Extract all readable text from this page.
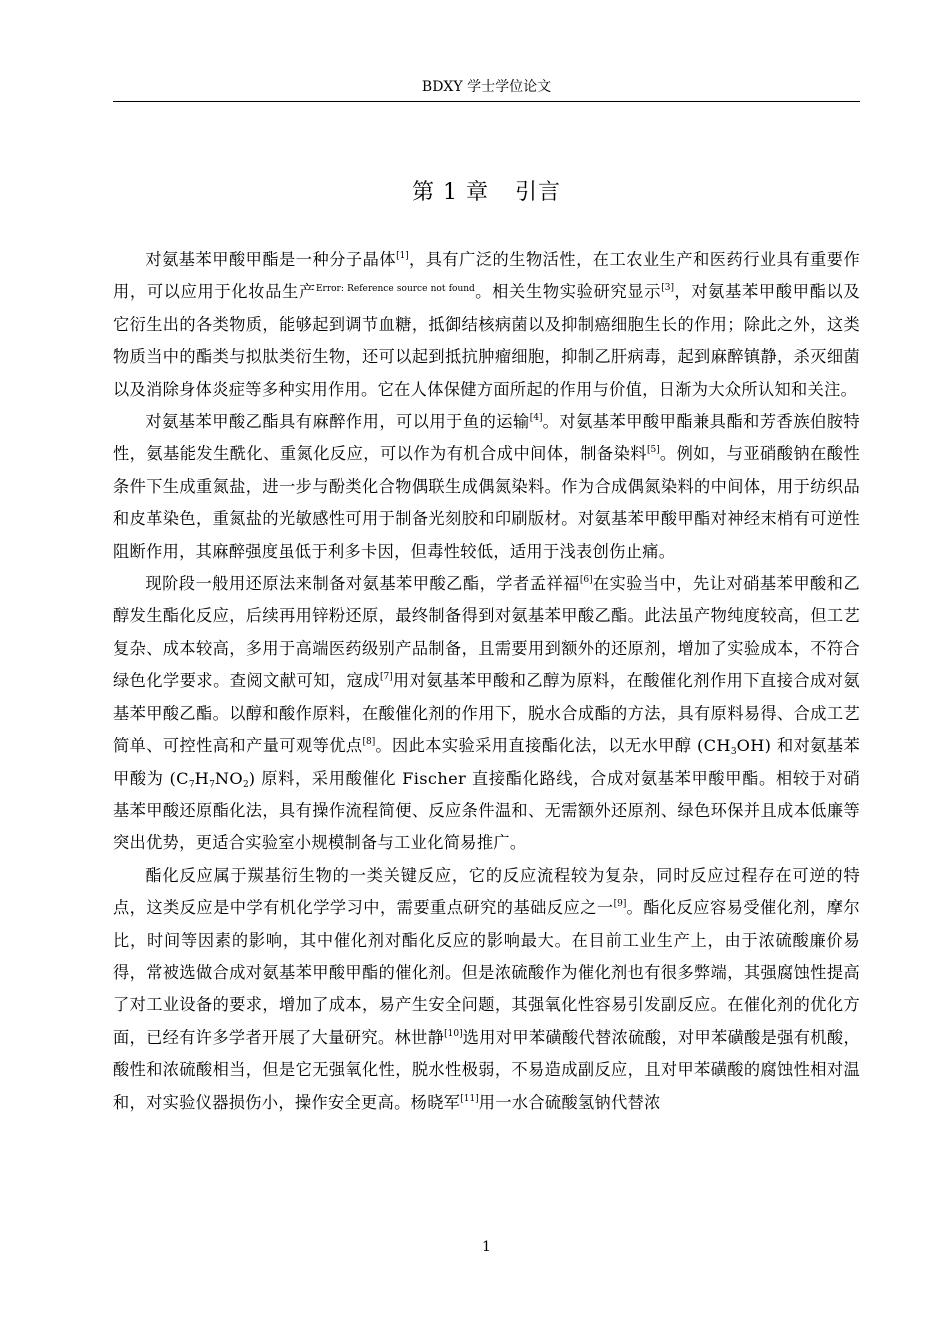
BDXY 学士学位论文
第 1 章 引言

对氨基苯甲酸甲酯是一种分子晶体[1]，具有广泛的生物活性，在工农业生产和医药行业具有重要作用，可以应用于化妆品生产$^{Error: Reference source not found}$。相关生物实验研究显示[3]，对氨基苯甲酸甲酯以及它衍生出的各类物质，能够起到调节血糖，抵御结核病菌以及抑制癌细胞生长的作用；除此之外，这类物质当中的酯类与拟肽类衍生物，还可以起到抵抗肿瘤细胞，抑制乙肝病毒，起到麻醉镇静，杀灭细菌以及消除身体炎症等多种实用作用。它在人体保健方面所起的作用与价值，日渐为大众所认知和关注。

对氨基苯甲酸乙酯具有麻醉作用，可以用于鱼的运输[4]。对氨基苯甲酸甲酯兼具酯和芳香族伯胺特性，氨基能发生酰化、重氮化反应，可以作为有机合成中间体，制备染料[5]。例如，与亚硝酸钠在酸性条件下生成重氮盐，进一步与酚类化合物偶联生成偶氮染料。作为合成偶氮染料的中间体，用于纺织品和皮革染色，重氮盐的光敏感性可用于制备光刻胶和印刷版材。对氨基苯甲酸甲酯对神经末梢有可逆性阻断作用，其麻醉强度虽低于利多卡因，但毒性较低，适用于浅表创伤止痛。

现阶段一般用还原法来制备对氨基苯甲酸乙酯，学者孟祥福[6]在实验当中，先让对硝基苯甲酸和乙醇发生酯化反应，后续再用锌粉还原，最终制备得到对氨基苯甲酸乙酯。此法虽产物纯度较高，但工艺复杂、成本较高，多用于高端医药级别产品制备，且需要用到额外的还原剂，增加了实验成本，不符合绿色化学要求。查阅文献可知，寇成[7]用对氨基苯甲酸和乙醇为原料，在酸催化剂作用下直接合成对氨基苯甲酸乙酯。以醇和酸作原料，在酸催化剂的作用下，脱水合成酯的方法，具有原料易得、合成工艺简单、可控性高和产量可观等优点[8]。因此本实验采用直接酯化法，以无水甲醇 $(CH_3OH)$ 和对氨基苯甲酸为 $(C_7H_7NO_2)$ 原料，采用酸催化 Fischer 直接酯化路线，合成对氨基苯甲酸甲酯。相较于对硝基苯甲酸还原酯化法，具有操作流程简便、反应条件温和、无需额外还原剂、绿色环保并且成本低廉等突出优势，更适合实验室小规模制备与工业化简易推广。

酯化反应属于羰基衍生物的一类关键反应，它的反应流程较为复杂，同时反应过程存在可逆的特点，这类反应是中学有机化学学习中，需要重点研究的基础反应之一[9]。酯化反应容易受催化剂，摩尔比，时间等因素的影响，其中催化剂对酯化反应的影响最大。在目前工业生产上，由于浓硫酸廉价易得，常被选做合成对氨基苯甲酸甲酯的催化剂。但是浓硫酸作为催化剂也有很多弊端，其强腐蚀性提高了对工业设备的要求，增加了成本，易产生安全问题，其强氧化性容易引发副反应。在催化剂的优化方面，已经有许多学者开展了大量研究。林世静[10]选用对甲苯磺酸代替浓硫酸，对甲苯磺酸是强有机酸，酸性和浓硫酸相当，但是它无强氧化性，脱水性极弱，不易造成副反应，且对甲苯磺酸的腐蚀性相对温和，对实验仪器损伤小，操作安全更高。杨晓军[11]用一水合硫酸氢钠代替浓

1
